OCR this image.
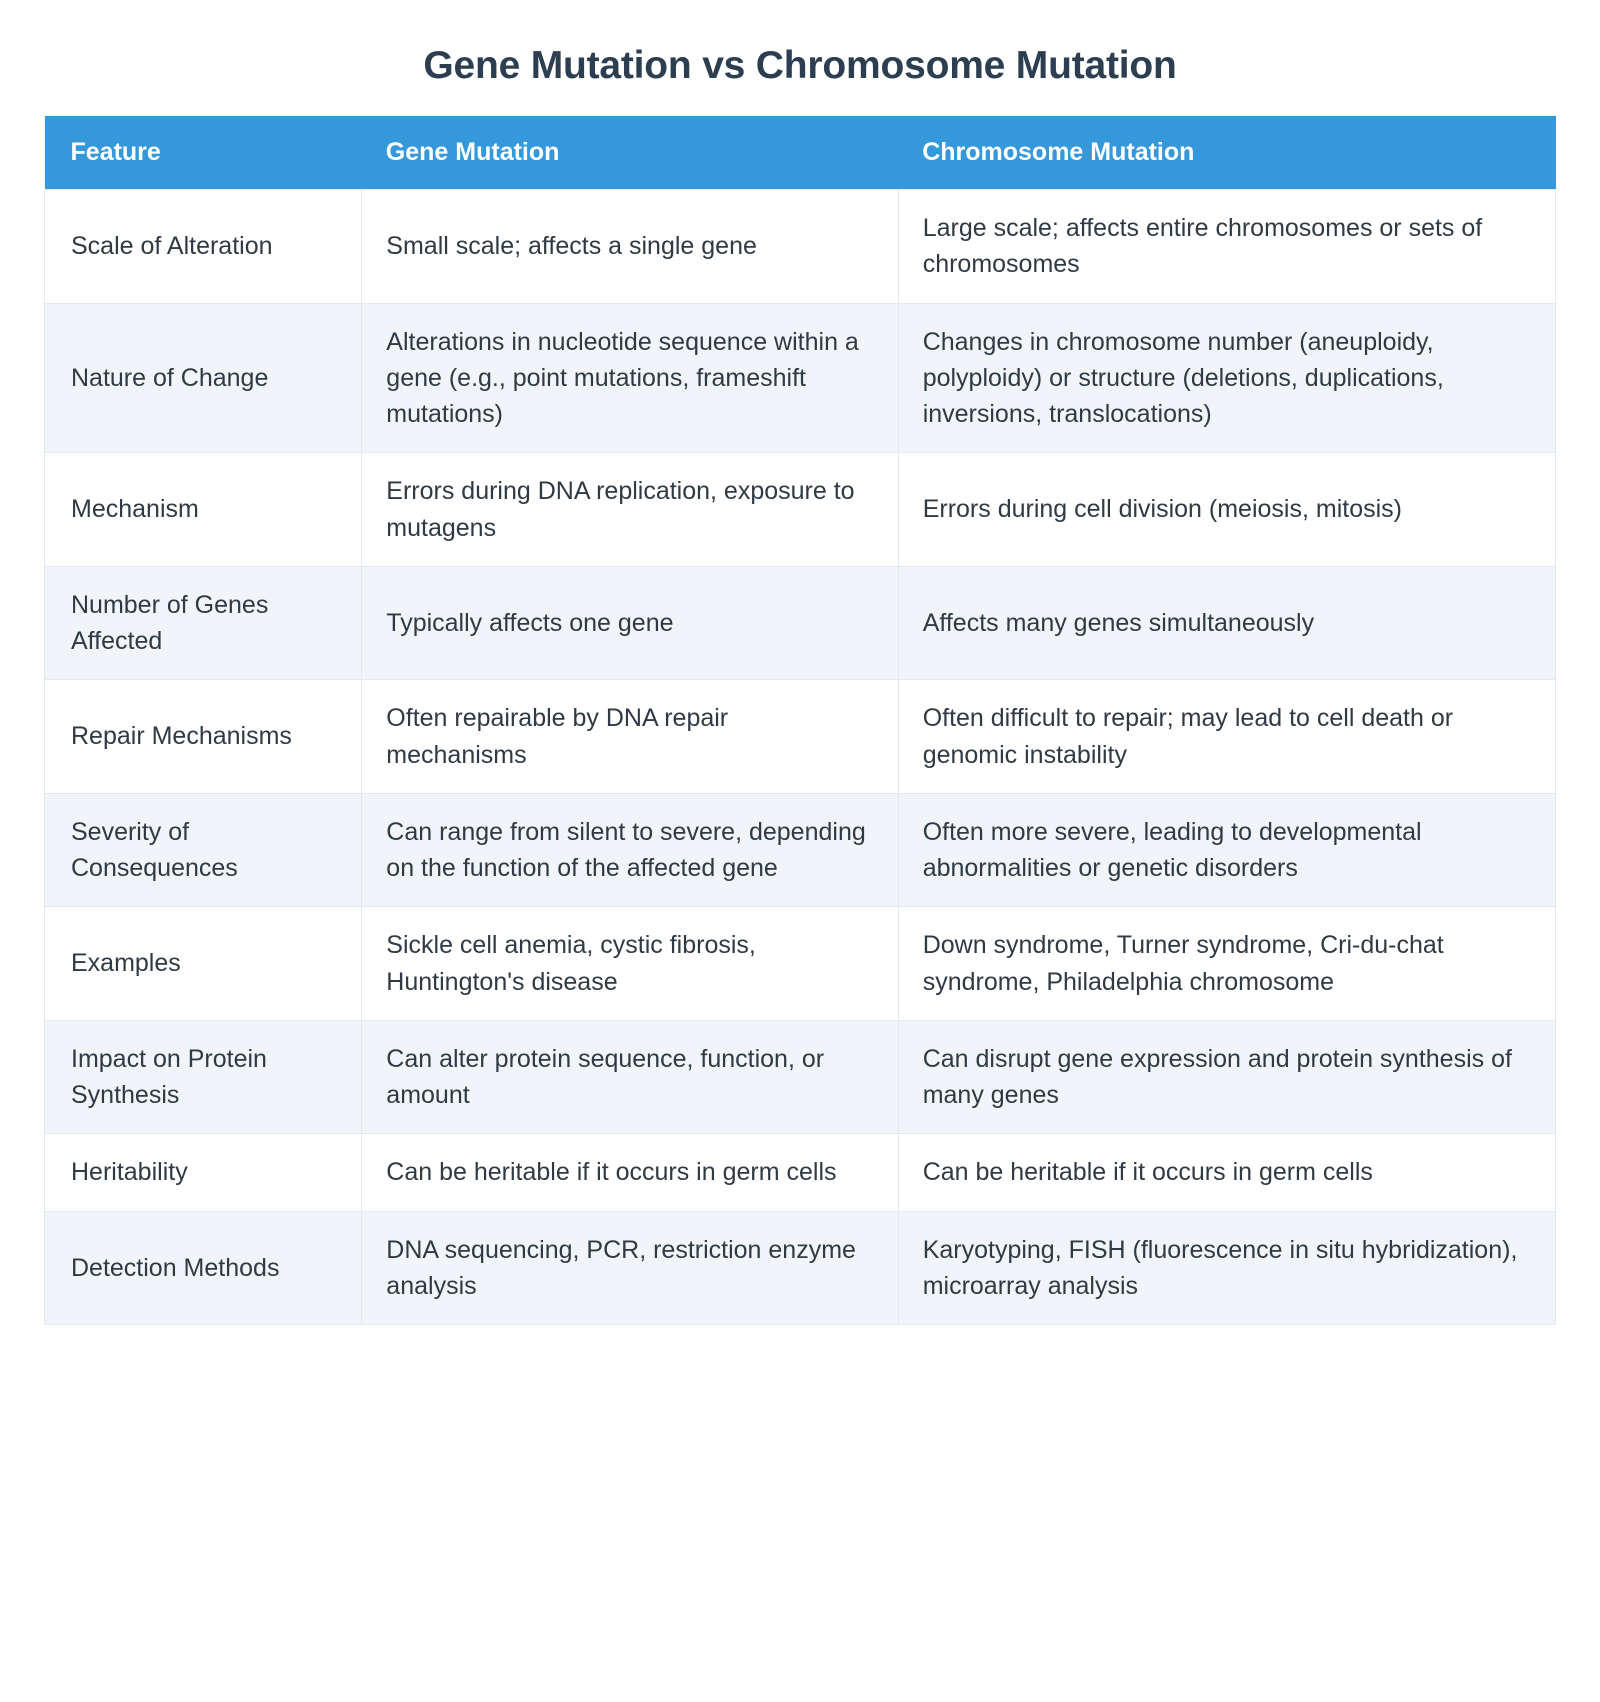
Gene Mutation vs Chromosome Mutation
Feature	Gene Mutation	Chromosome Mutation
Scale of Alteration	Small scale; affects a single gene	Large scale; affects entire chromosomes or sets of chromosomes
Nature of Change	Alterations in nucleotide sequence within a gene (e.g., point mutations, frameshift mutations)	Changes in chromosome number (aneuploidy, polyploidy) or structure (deletions, duplications, inversions, translocations)
Mechanism	Errors during DNA replication, exposure to mutagens	Errors during cell division (meiosis, mitosis)
Number of Genes Affected	Typically affects one gene	Affects many genes simultaneously
Repair Mechanisms	Often repairable by DNA repair mechanisms	Often difficult to repair; may lead to cell death or genomic instability
Severity of Consequences	Can range from silent to severe, depending on the function of the affected gene	Often more severe, leading to developmental abnormalities or genetic disorders
Examples	Sickle cell anemia, cystic fibrosis, Huntington's disease	Down syndrome, Turner syndrome, Cri-du-chat syndrome, Philadelphia chromosome
Impact on Protein Synthesis	Can alter protein sequence, function, or amount	Can disrupt gene expression and protein synthesis of many genes
Heritability	Can be heritable if it occurs in germ cells	Can be heritable if it occurs in germ cells
Detection Methods	DNA sequencing, PCR, restriction enzyme analysis	Karyotyping, FISH (fluorescence in situ hybridization), microarray analysis
